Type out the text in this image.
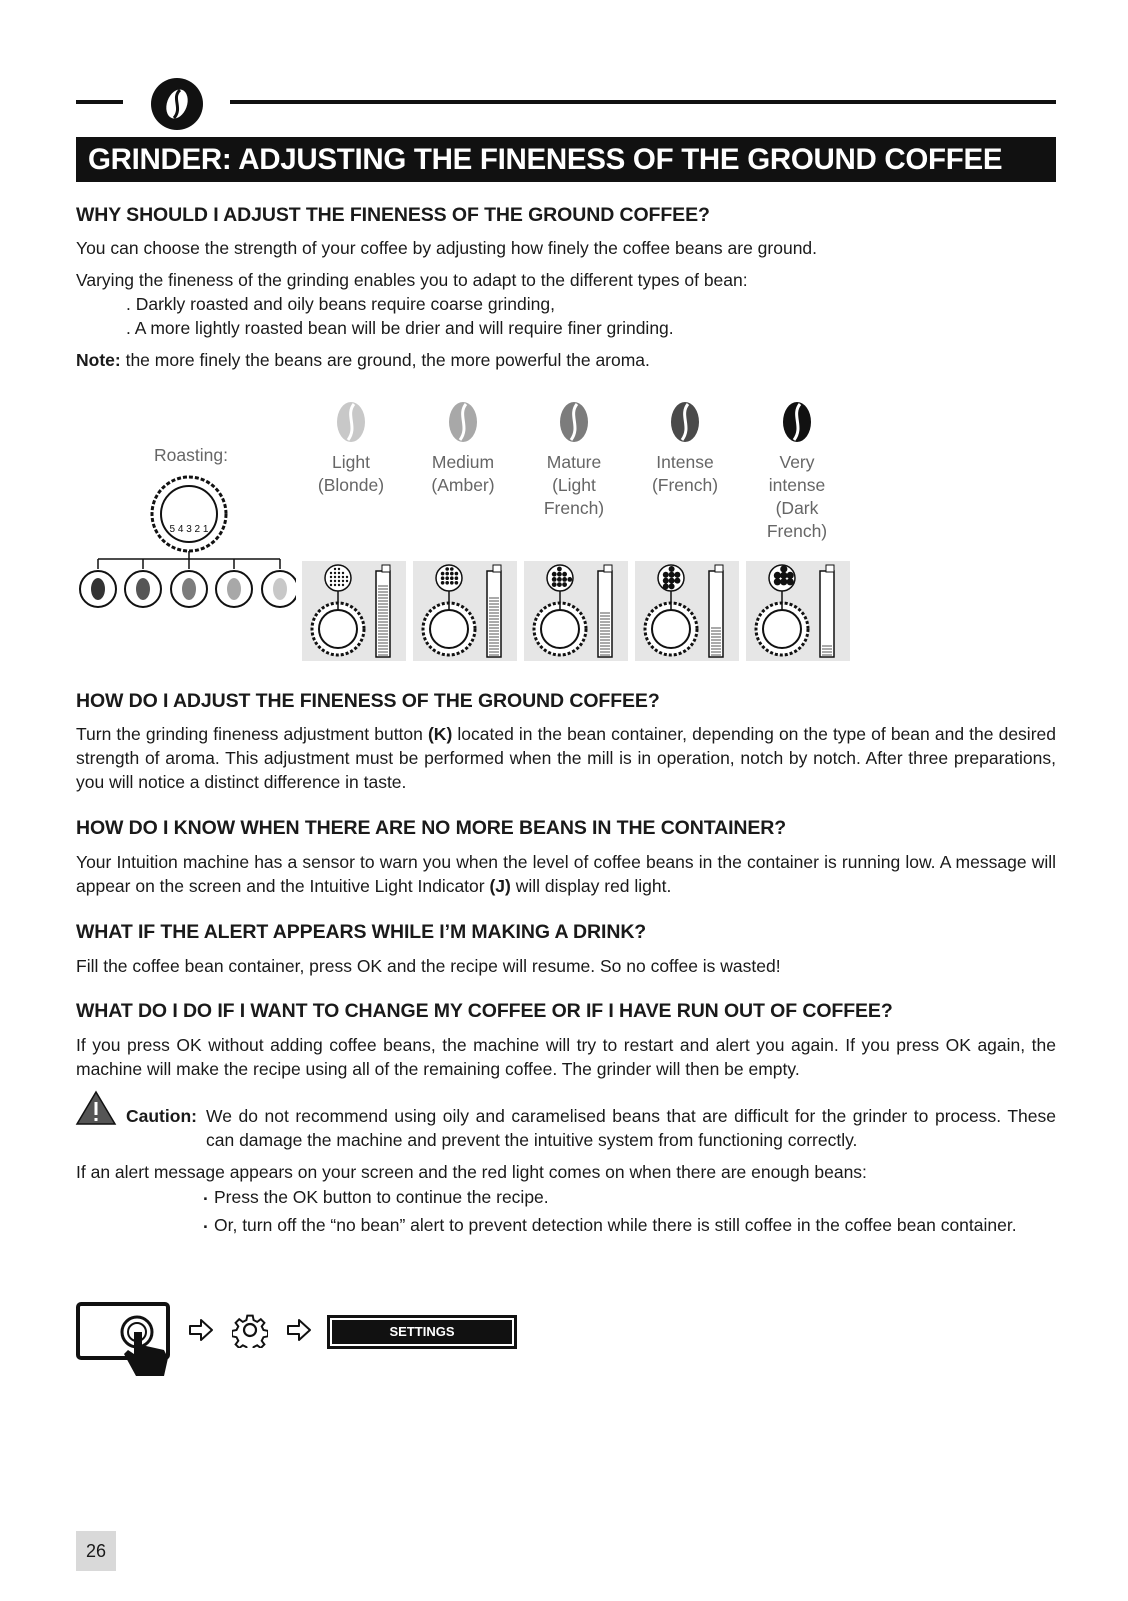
GRINDER: ADJUSTING THE FINENESS OF THE GROUND COFFEE
WHY SHOULD I ADJUST THE FINENESS OF THE GROUND COFFEE?

You can choose the strength of your coffee by adjusting how finely the coffee beans are ground.

Varying the fineness of the grinding enables you to adapt to the different types of bean:

. Darkly roasted and oily beans require coarse grinding,

. A more lightly roasted bean will be drier and will require finer grinding.

Note: the more finely the beans are ground, the more powerful the aroma.

Roasting:
5 4 3 2 1
Light
(Blonde)
Medium
(Amber)
Mature
(Light
French)
Intense
(French)
Very
intense
(Dark
French)
HOW DO I ADJUST THE FINENESS OF THE GROUND COFFEE?

Turn the grinding fineness adjustment button (K) located in the bean container, depending on the type of bean and the desired strength of aroma. This adjustment must be performed when the mill is in operation, notch by notch. After three preparations, you will notice a distinct difference in taste.

HOW DO I KNOW WHEN THERE ARE NO MORE BEANS IN THE CONTAINER?

Your Intuition machine has a sensor to warn you when the level of coffee beans in the container is running low. A message will appear on the screen and the Intuitive Light Indicator (J) will display red light.

WHAT IF THE ALERT APPEARS WHILE I’M MAKING A DRINK?

Fill the coffee bean container, press OK and the recipe will resume. So no coffee is wasted!

WHAT DO I DO IF I WANT TO CHANGE MY COFFEE OR IF I HAVE RUN OUT OF COFFEE?

If you press OK without adding coffee beans, the machine will try to restart and alert you again. If you press OK again, the machine will make the recipe using all of the remaining coffee. The grinder will then be empty.

Caution: We do not recommend using oily and caramelised beans that are difficult for the grinder to process. These can damage the machine and prevent the intuitive system from functioning correctly.

If an alert message appears on your screen and the red light comes on when there are enough beans:

. Press the OK button to continue the recipe.

. Or, turn off the “no bean” alert to prevent detection while there is still coffee in the coffee bean container.

SETTINGS
26
